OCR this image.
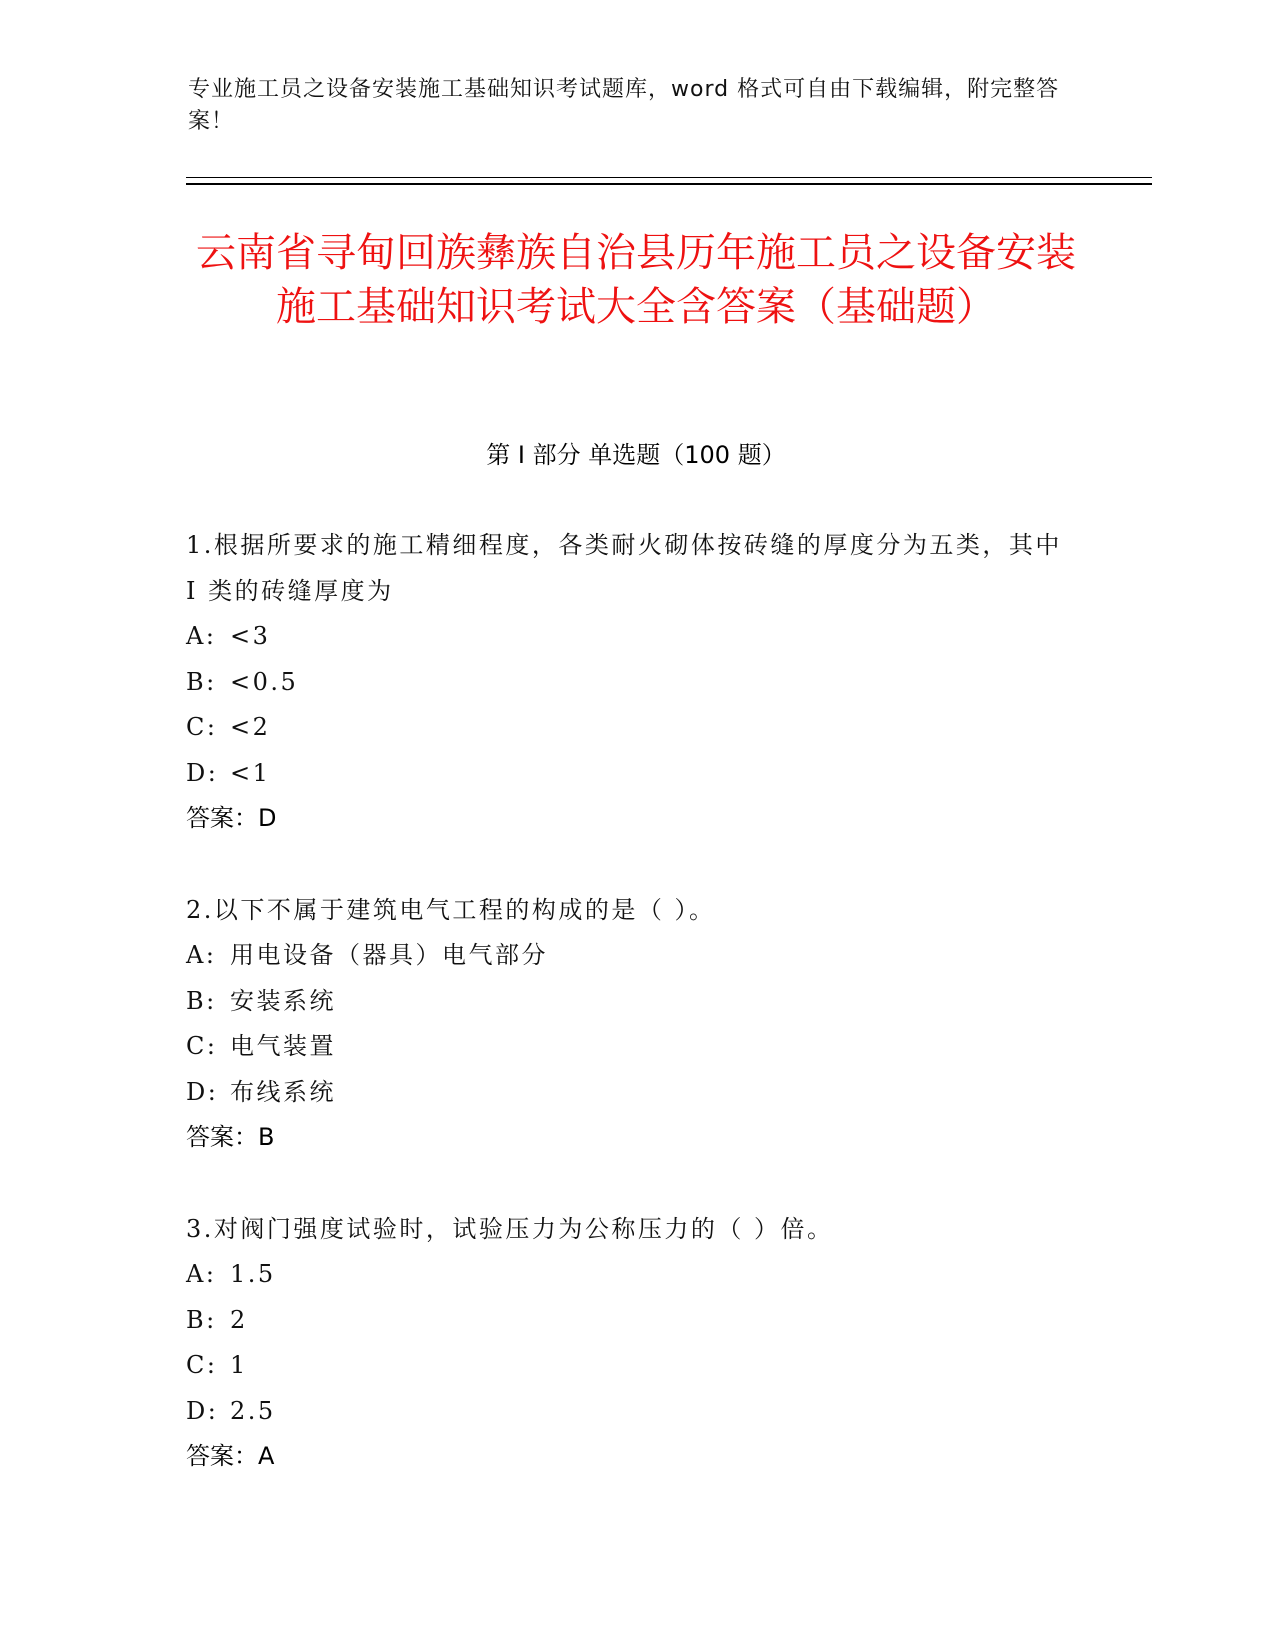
专业施工员之设备安装施工基础知识考试题库，word 格式可自由下载编辑，附完整答案！
云南省寻甸回族彝族自治县历年施工员之设备安装施工基础知识考试大全含答案（基础题）
第 I 部分 单选题（100 题）
1.根据所要求的施工精细程度，各类耐火砌体按砖缝的厚度分为五类，其中 I 类的砖缝厚度为
A: <3
B: <0.5
C: <2
D: <1
答案：D
2.以下不属于建筑电气工程的构成的是（ ）。
A: 用电设备（器具）电气部分
B: 安装系统
C: 电气装置
D: 布线系统
答案：B
3.对阀门强度试验时，试验压力为公称压力的（ ）倍。
A: 1.5
B: 2
C: 1
D: 2.5
答案：A
